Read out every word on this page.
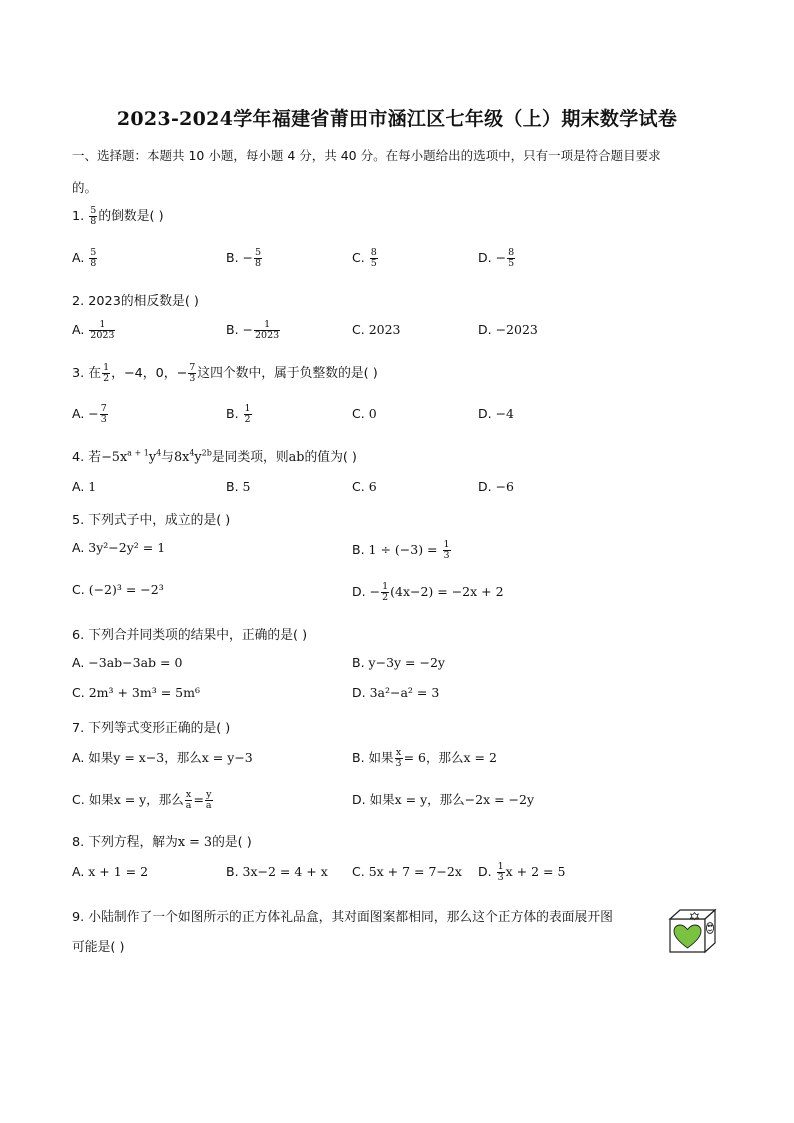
2023-2024学年福建省莆田市涵江区七年级（上）期末数学试卷
一、选择题：本题共 10 小题，每小题 4 分，共 40 分。在每小题给出的选项中，只有一项是符合题目要求
的。
1. $\frac{5}{8}$ 的倒数是( )
A. $\frac{5}{8}$	B. − $\frac{5}{8}$	C. $\frac{8}{5}$	D. − $\frac{8}{5}$
2. 2023的相反数是( )
A. $\frac{1}{2023}$	B. − $\frac{1}{2023}$	C. 2023	D. −2023
3. 在 $\frac{1}{2}$ ，−4，0，− $\frac{7}{3}$ 这四个数中，属于负整数的是( )
A. − $\frac{7}{3}$	B. $\frac{1}{2}$	C. 0	D. −4
4. 若$-5x^{a + 1}y^4$与$8x^4y^{2b}$是同类项，则ab的值为( )
A. 1	B. 5	C. 6	D. −6
5. 下列式子中，成立的是( )
A. 3y²−2y² = 1	B. $1 \div (-3) = \frac{1}{3}$
C. (−2)³ = −2³	D. − $\frac{1}{2} (4x-2) = -2x + 2$
6. 下列合并同类项的结果中，正确的是( )
A. −3ab−3ab = 0	B. y−3y = −2y
C. 2m³ + 3m³ = 5m⁶	D. 3a²−a² = 3
7. 下列等式变形正确的是( )
A. 如果y = x−3，那么x = y−3	B. 如果 $\frac{x}{3} = 6$，那么x = 2
C. 如果x = y，那么 $\frac{x}{a} = \frac{y}{a}$	D. 如果x = y，那么−2x = −2y
8. 下列方程，解为x = 3的是( )
A. x + 1 = 2	B. 3x−2 = 4 + x C. 5x + 7 = 7−2x D. $\frac{1}{3}$ x + 2 = 5
9. 小陆制作了一个如图所示的正方体礼品盒，其对面图案都相同，那么这个正方体的表面展开图
可能是( )
